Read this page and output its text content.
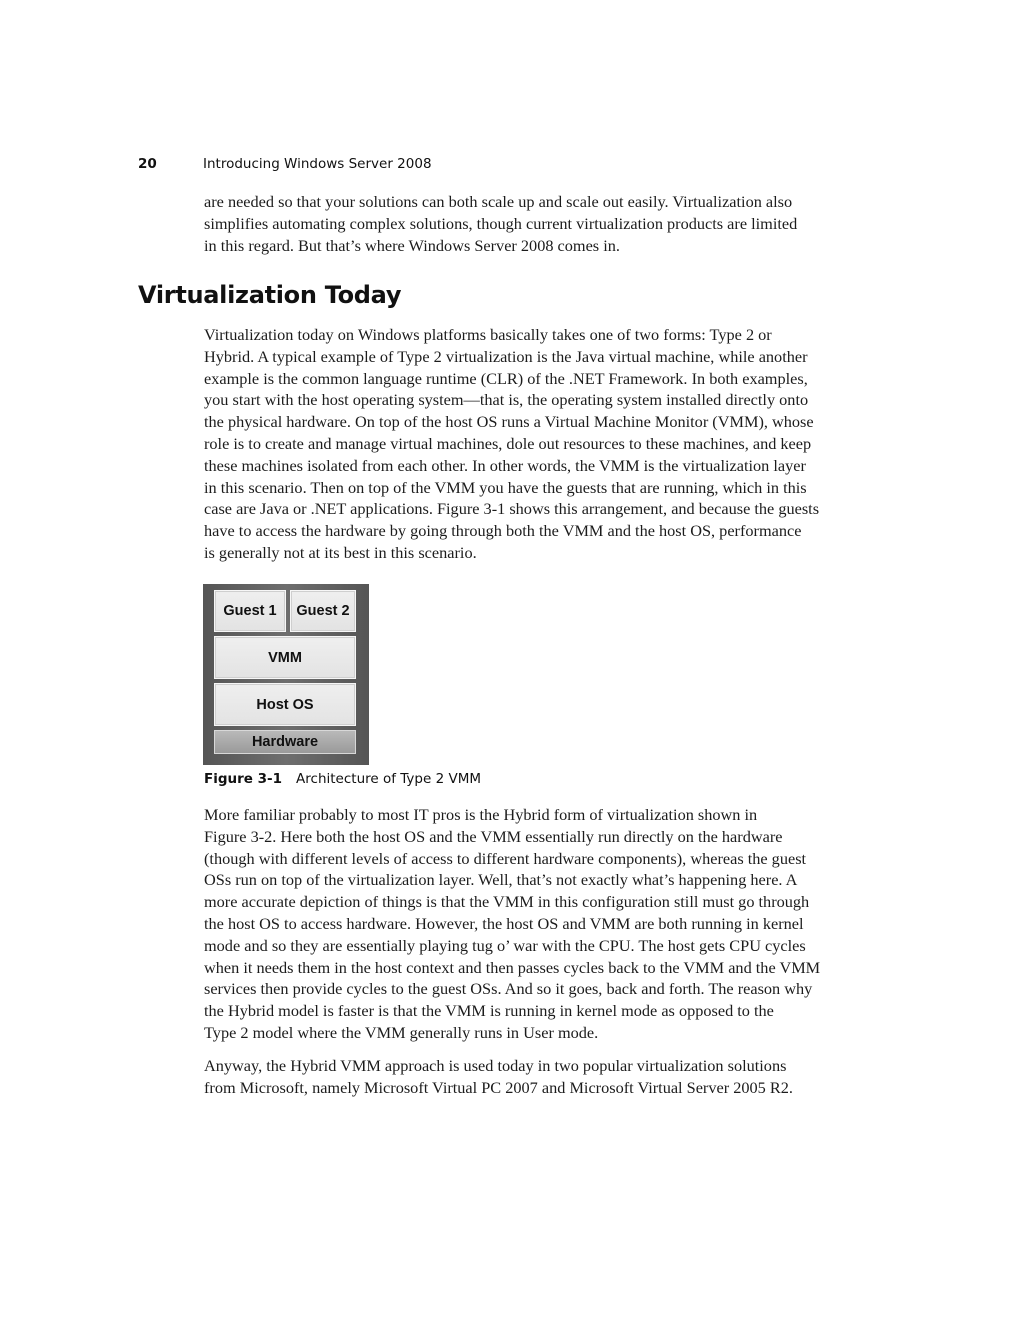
20	Introducing Windows Server 2008
are needed so that your solutions can both scale up and scale out easily. Virtualization also
simplifies automating complex solutions, though current virtualization products are limited
in this regard. But that’s where Windows Server 2008 comes in.
Virtualization Today
Virtualization today on Windows platforms basically takes one of two forms: Type 2 or
Hybrid. A typical example of Type 2 virtualization is the Java virtual machine, while another
example is the common language runtime (CLR) of the .NET Framework. In both examples,
you start with the host operating system—that is, the operating system installed directly onto
the physical hardware. On top of the host OS runs a Virtual Machine Monitor (VMM), whose
role is to create and manage virtual machines, dole out resources to these machines, and keep
these machines isolated from each other. In other words, the VMM is the virtualization layer
in this scenario. Then on top of the VMM you have the guests that are running, which in this
case are Java or .NET applications. Figure 3-1 shows this arrangement, and because the guests
have to access the hardware by going through both the VMM and the host OS, performance
is generally not at its best in this scenario.
Guest 1	Guest 2
VMM
Host OS
Hardware
Figure 3-1 Architecture of Type 2 VMM
More familiar probably to most IT pros is the Hybrid form of virtualization shown in
Figure 3-2. Here both the host OS and the VMM essentially run directly on the hardware
(though with different levels of access to different hardware components), whereas the guest
OSs run on top of the virtualization layer. Well, that’s not exactly what’s happening here. A
more accurate depiction of things is that the VMM in this configuration still must go through
the host OS to access hardware. However, the host OS and VMM are both running in kernel
mode and so they are essentially playing tug o’ war with the CPU. The host gets CPU cycles
when it needs them in the host context and then passes cycles back to the VMM and the VMM
services then provide cycles to the guest OSs. And so it goes, back and forth. The reason why
the Hybrid model is faster is that the VMM is running in kernel mode as opposed to the
Type 2 model where the VMM generally runs in User mode.
Anyway, the Hybrid VMM approach is used today in two popular virtualization solutions
from Microsoft, namely Microsoft Virtual PC 2007 and Microsoft Virtual Server 2005 R2.
